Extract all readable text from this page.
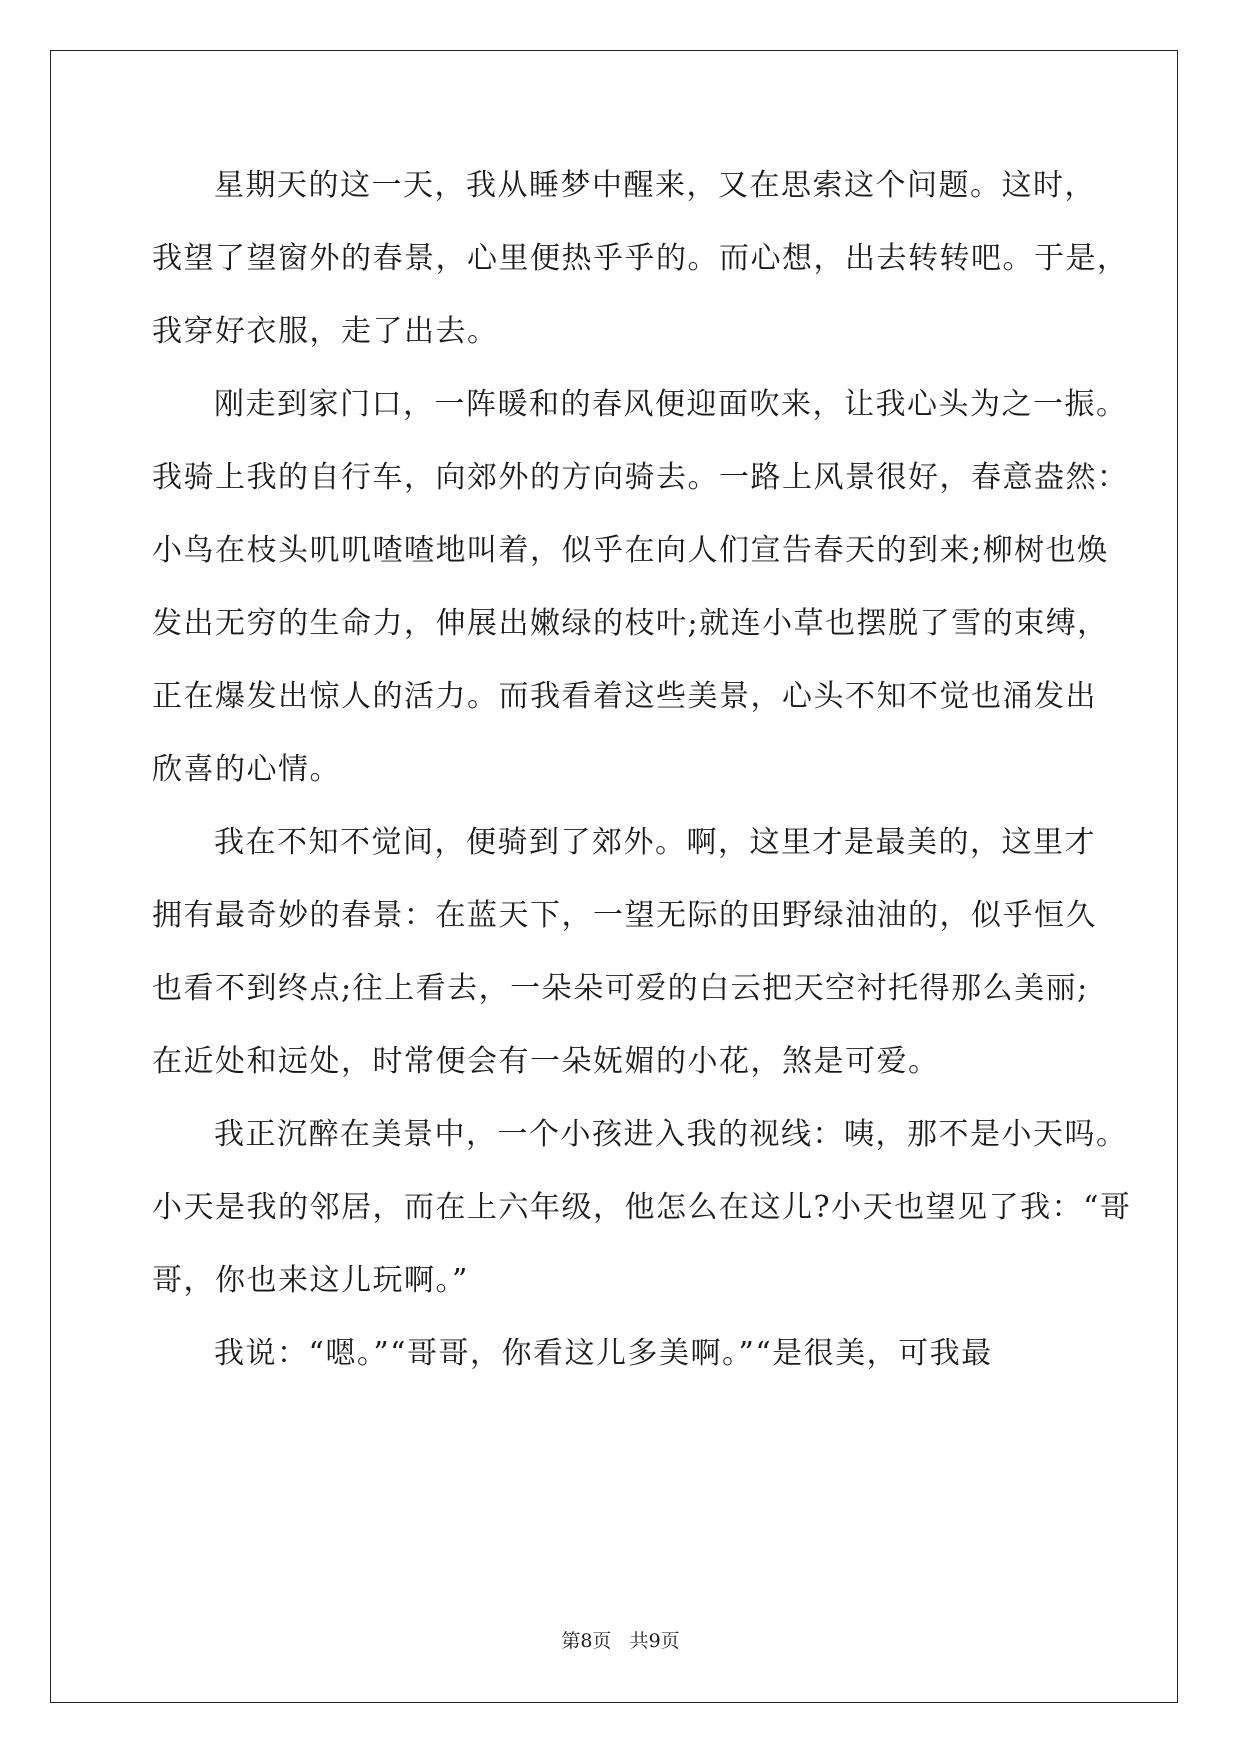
星期天的这一天，我从睡梦中醒来，又在思索这个问题。这时，
我望了望窗外的春景，心里便热乎乎的。而心想，出去转转吧。于是，
我穿好衣服，走了出去。
刚走到家门口，一阵暖和的春风便迎面吹来，让我心头为之一振。
我骑上我的自行车，向郊外的方向骑去。一路上风景很好，春意盎然：
小鸟在枝头叽叽喳喳地叫着，似乎在向人们宣告春天的到来;柳树也焕
发出无穷的生命力，伸展出嫩绿的枝叶;就连小草也摆脱了雪的束缚，
正在爆发出惊人的活力。而我看着这些美景，心头不知不觉也涌发出
欣喜的心情。
我在不知不觉间，便骑到了郊外。啊，这里才是最美的，这里才
拥有最奇妙的春景：在蓝天下，一望无际的田野绿油油的，似乎恒久
也看不到终点;往上看去，一朵朵可爱的白云把天空衬托得那么美丽;
在近处和远处，时常便会有一朵妩媚的小花，煞是可爱。
我正沉醉在美景中，一个小孩进入我的视线：咦，那不是小天吗。
小天是我的邻居，而在上六年级，他怎么在这儿?小天也望见了我：“哥
哥，你也来这儿玩啊。”
我说：“嗯。”“哥哥，你看这儿多美啊。”“是很美，可我最
第8页 共9页
